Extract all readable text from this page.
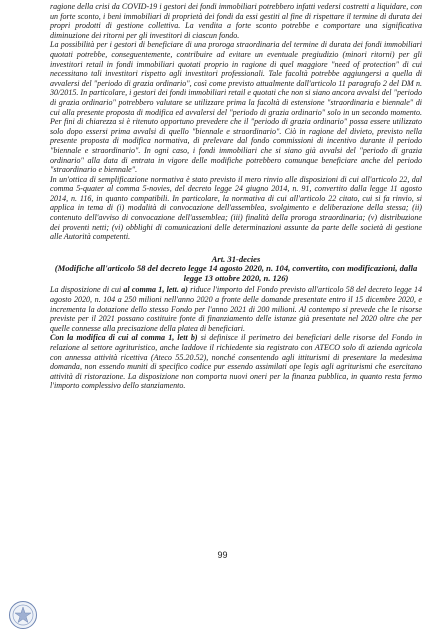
ragione della crisi da COVID-19 i gestori dei fondi immobiliari potrebbero infatti vedersi costretti a liquidare, con un forte sconto, i beni immobiliari di proprietà dei fondi da essi gestiti al fine di rispettare il termine di durata dei propri prodotti di gestione collettiva. La vendita a forte sconto potrebbe e comportare una significativa diminuzione dei ritorni per gli investitori di ciascun fondo.

La possibilità per i gestori di beneficiare di una proroga straordinaria del termine di durata dei fondi immobiliari quotati potrebbe, conseguentemente, contribuire ad evitare un eventuale pregiudizio (minori ritorni) per gli investitori retail in fondi immobiliari quotati proprio in ragione di quel maggiore "need of protection" di cui necessitano tali investitori rispetto agli investitori professionali. Tale facoltà potrebbe aggiungersi a quella di avvalersi del "periodo di grazia ordinario", così come previsto attualmente dall'articolo 11 paragrafo 2 del DM n. 30/2015. In particolare, i gestori dei fondi immobiliari retail e quotati che non si siano ancora avvalsi del "periodo di grazia ordinario" potrebbero valutare se utilizzare prima la facoltà di estensione "straordinaria e biennale" di cui alla presente proposta di modifica ed avvalersi del "periodo di grazia ordinario" solo in un secondo momento. Per fini di chiarezza si è ritenuto opportuno prevedere che il "periodo di grazia ordinario" possa essere utilizzato solo dopo essersi prima avvalsi di quello "biennale e straordinario". Ciò in ragione del divieto, previsto nella presente proposta di modifica normativa, di prelevare dal fondo commissioni di incentivo durante il periodo "biennale e straordinario". In ogni caso, i fondi immobiliari che si siano già avvalsi del "periodo di grazia ordinario" alla data di entrata in vigore delle modifiche potrebbero comunque beneficiare anche del periodo "straordinario e biennale".

In un'ottica di semplificazione normativa è stato previsto il mero rinvio alle disposizioni di cui all'articolo 22, dal comma 5-quater al comma 5-novies, del decreto legge 24 giugno 2014, n. 91, convertito dalla legge 11 agosto 2014, n. 116, in quanto compatibili. In particolare, la normativa di cui all'articolo 22 citato, cui si fa rinvio, si applica in tema di (i) modalità di convocazione dell'assemblea, svolgimento e deliberazione della stessa; (ii) contenuto dell'avviso di convocazione dell'assemblea; (iii) finalità della proroga straordinaria; (v) distribuzione dei proventi netti; (vi) obblighi di comunicazioni delle determinazioni assunte da parte delle società di gestione alle Autorità competenti.

Art. 31-decies
(Modifiche all'articolo 58 del decreto legge 14 agosto 2020, n. 104, convertito, con modificazioni, dalla legge 13 ottobre 2020, n. 126)

La disposizione di cui al comma 1, lett. a) riduce l'importo del Fondo previsto all'articolo 58 del decreto legge 14 agosto 2020, n. 104 a 250 milioni nell'anno 2020 a fronte delle domande presentate entro il 15 dicembre 2020, e incrementa la dotazione dello stesso Fondo per l'anno 2021 di 200 milioni. Al contempo si prevede che le risorse previste per il 2021 possano costituire fonte di finanziamento delle istanze già presentate nel 2020 oltre che per quelle connesse alla precisazione della platea di beneficiari.

Con la modifica di cui al comma 1, lett b) si definisce il perimetro dei beneficiari delle risorse del Fondo in relazione al settore agrituristico, anche laddove il richiedente sia registrato con ATECO solo di azienda agricola con annessa attività ricettiva (Ateco 55.20.52), nonché consentendo agli ittiturismi di presentare la medesima domanda, non essendo muniti di specifico codice pur essendo assimilati ope legis agli agriturismi che esercitano attività di ristorazione. La disposizione non comporta nuovi oneri per la finanza pubblica, in quanto resta fermo l'importo complessivo dello stanziamento.

99
